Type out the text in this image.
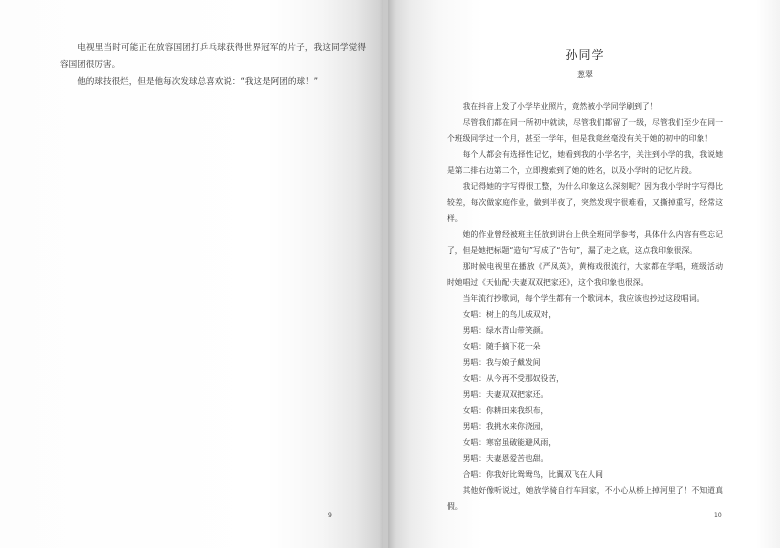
电视里当时可能正在放容国团打乒乓球获得世界冠军的片子，我这同学觉得容国团很厉害。

他的球技很烂，但是他每次发球总喜欢说：“我这是阿团的球！”

9
孙同学
葱翠

我在抖音上发了小学毕业照片，竟然被小学同学刷到了！

尽管我们都在同一所初中就读，尽管我们都留了一级，尽管我们至少在同一个班级同学过一个月，甚至一学年，但是我竟丝毫没有关于她的初中的印象！

每个人都会有选择性记忆，她看到我的小学名字，关注到小学的我，我说她是第二排右边第二个，立即搜索到了她的姓名，以及小学时的记忆片段。

我记得她的字写得很工整，为什么印象这么深刻呢？因为我小学时字写得比较差，每次做家庭作业，做到半夜了，突然发现字很难看，又撕掉重写，经常这样。

她的作业曾经被班主任放到讲台上供全班同学参考，具体什么内容有些忘记了，但是她把标题“造句”写成了“告句”，漏了走之底，这点我印象很深。

那时候电视里在播放《严凤英》，黄梅戏很流行，大家都在学唱，班级活动时她唱过《天仙配·夫妻双双把家还》，这个我印象也很深。

当年流行抄歌词，每个学生都有一个歌词本，我应该也抄过这段唱词。

女唱：树上的鸟儿成双对，

男唱：绿水青山带笑颜。

女唱：随手摘下花一朵

男唱：我与娘子戴发间

女唱：从今再不受那奴役苦，

男唱：夫妻双双把家还。

女唱：你耕田来我织布，

男唱：我挑水来你浇园，

女唱：寒窑虽破能避风雨，

男唱：夫妻恩爱苦也甜。

合唱：你我好比鸳鸯鸟，比翼双飞在人间

其他好像听说过，她放学骑自行车回家，不小心从桥上掉河里了！不知道真假。

10
